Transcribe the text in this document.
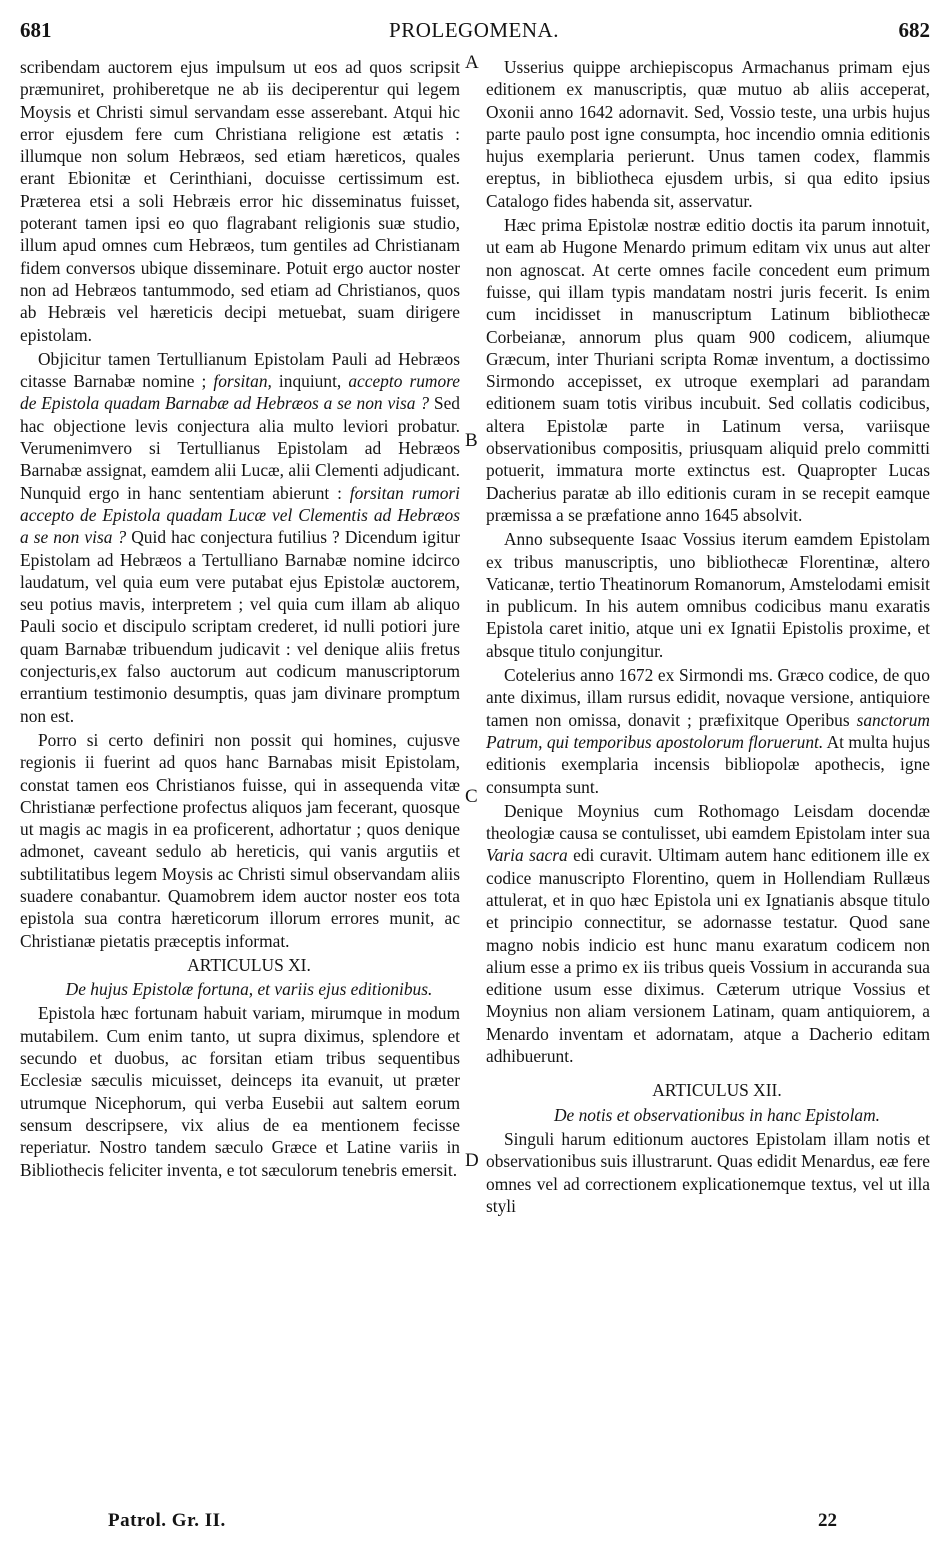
681	PROLEGOMENA.	682

scribendam auctorem ejus impulsum ut eos ad quos scripsit præmuniret, prohiberetque ne ab iis deciperentur qui legem Moysis et Christi simul servandam esse asserebant. Atqui hic error ejusdem fere cum Christiana religione est ætatis : illumque non solum Hebræos, sed etiam hæreticos, quales erant Ebionitæ et Cerinthiani, docuisse certissimum est. Præterea etsi a soli Hebræis error hic disseminatus fuisset, poterant tamen ipsi eo quo flagrabant religionis suæ studio, illum apud omnes cum Hebræos, tum gentiles ad Christianam fidem conversos ubique disseminare. Potuit ergo auctor noster non ad Hebræos tantummodo, sed etiam ad Christianos, quos ab Hebræis vel hæreticis decipi metuebat, suam dirigere epistolam.

Objicitur tamen Tertullianum Epistolam Pauli ad Hebræos citasse Barnabæ nomine ; forsitan, inquiunt, accepto rumore de Epistola quadam Barnabæ ad Hebræos a se non visa ? Sed hac objectione levis conjectura alia multo leviori probatur. Verumenimvero si Tertullianus Epistolam ad Hebræos Barnabæ assignat, eamdem alii Lucæ, alii Clementi adjudicant. Nunquid ergo in hanc sententiam abierunt : forsitan rumori accepto de Epistola quadam Lucæ vel Clementis ad Hebræos a se non visa ? Quid hac conjectura futilius ? Dicendum igitur Epistolam ad Hebræos a Tertulliano Barnabæ nomine idcirco laudatum, vel quia eum vere putabat ejus Epistolæ auctorem, seu potius mavis, interpretem ; vel quia cum illam ab aliquo Pauli socio et discipulo scriptam crederet, id nulli potiori jure quam Barnabæ tribuendum judicavit : vel denique aliis fretus conjecturis,ex falso auctorum aut codicum manuscriptorum errantium testimonio desumptis, quas jam divinare promptum non est.

Porro si certo definiri non possit qui homines, cujusve regionis ii fuerint ad quos hanc Barnabas misit Epistolam, constat tamen eos Christianos fuisse, qui in assequenda vitæ Christianæ perfectione profectus aliquos jam fecerant, quosque ut magis ac magis in ea proficerent, adhortatur ; quos denique admonet, caveant sedulo ab hereticis, qui vanis argutiis et subtilitatibus legem Moysis ac Christi simul observandam aliis suadere conabantur. Quamobrem idem auctor noster eos tota epistola sua contra hæreticorum illorum errores munit, ac Christianæ pietatis præceptis informat.

ARTICULUS XI.

De hujus Epistolæ fortuna, et variis ejus editionibus.

Epistola hæc fortunam habuit variam, mirumque in modum mutabilem. Cum enim tanto, ut supra diximus, splendore et secundo et duobus, ac forsitan etiam tribus sequentibus Ecclesiæ sæculis micuisset, deinceps ita evanuit, ut præter utrumque Nicephorum, qui verba Eusebii aut saltem eorum sensum descripsere, vix alius de ea mentionem fecisse reperiatur. Nostro tandem sæculo Græce et Latine variis in Bibliothecis feliciter inventa, e tot sæculorum tenebris emersit.

A
B
C
D

Usserius quippe archiepiscopus Armachanus primam ejus editionem ex manuscriptis, quæ mutuo ab aliis acceperat, Oxonii anno 1642 adornavit. Sed, Vossio teste, una urbis hujus parte paulo post igne consumpta, hoc incendio omnia editionis hujus exemplaria perierunt. Unus tamen codex, flammis ereptus, in bibliotheca ejusdem urbis, si qua edito ipsius Catalogo fides habenda sit, asservatur.

Hæc prima Epistolæ nostræ editio doctis ita parum innotuit, ut eam ab Hugone Menardo primum editam vix unus aut alter non agnoscat. At certe omnes facile concedent eum primum fuisse, qui illam typis mandatam nostri juris fecerit. Is enim cum incidisset in manuscriptum Latinum bibliothecæ Corbeianæ, annorum plus quam 900 codicem, aliumque Græcum, inter Thuriani scripta Romæ inventum, a doctissimo Sirmondo accepisset, ex utroque exemplari ad parandam editionem suam totis viribus incubuit. Sed collatis codicibus, altera Epistolæ parte in Latinum versa, variisque observationibus compositis, priusquam aliquid prelo committi potuerit, immatura morte extinctus est. Quapropter Lucas Dacherius paratæ ab illo editionis curam in se recepit eamque præmissa a se præfatione anno 1645 absolvit.

Anno subsequente Isaac Vossius iterum eamdem Epistolam ex tribus manuscriptis, uno bibliothecæ Florentinæ, altero Vaticanæ, tertio Theatinorum Romanorum, Amstelodami emisit in publicum. In his autem omnibus codicibus manu exaratis Epistola caret initio, atque uni ex Ignatii Epistolis proxime, et absque titulo conjungitur.

Cotelerius anno 1672 ex Sirmondi ms. Græco codice, de quo ante diximus, illam rursus edidit, novaque versione, antiquiore tamen non omissa, donavit ; præfixitque Operibus sanctorum Patrum, qui temporibus apostolorum floruerunt. At multa hujus editionis exemplaria incensis bibliopolæ apothecis, igne consumpta sunt.

Denique Moynius cum Rothomago Leisdam docendæ theologiæ causa se contulisset, ubi eamdem Epistolam inter sua Varia sacra edi curavit. Ultimam autem hanc editionem ille ex codice manuscripto Florentino, quem in Hollendiam Rullæus attulerat, et in quo hæc Epistola uni ex Ignatianis absque titulo et principio connectitur, se adornasse testatur. Quod sane magno nobis indicio est hunc manu exaratum codicem non alium esse a primo ex iis tribus queis Vossium in accuranda sua editione usum esse diximus. Cæterum utrique Vossius et Moynius non aliam versionem Latinam, quam antiquiorem, a Menardo inventam et adornatam, atque a Dacherio editam adhibuerunt.

ARTICULUS XII.

De notis et observationibus in hanc Epistolam.

Singuli harum editionum auctores Epistolam illam notis et observationibus suis illustrarunt. Quas edidit Menardus, eæ fere omnes vel ad correctionem explicationemque textus, vel ut illa styli

Patrol. Gr. II.	22
